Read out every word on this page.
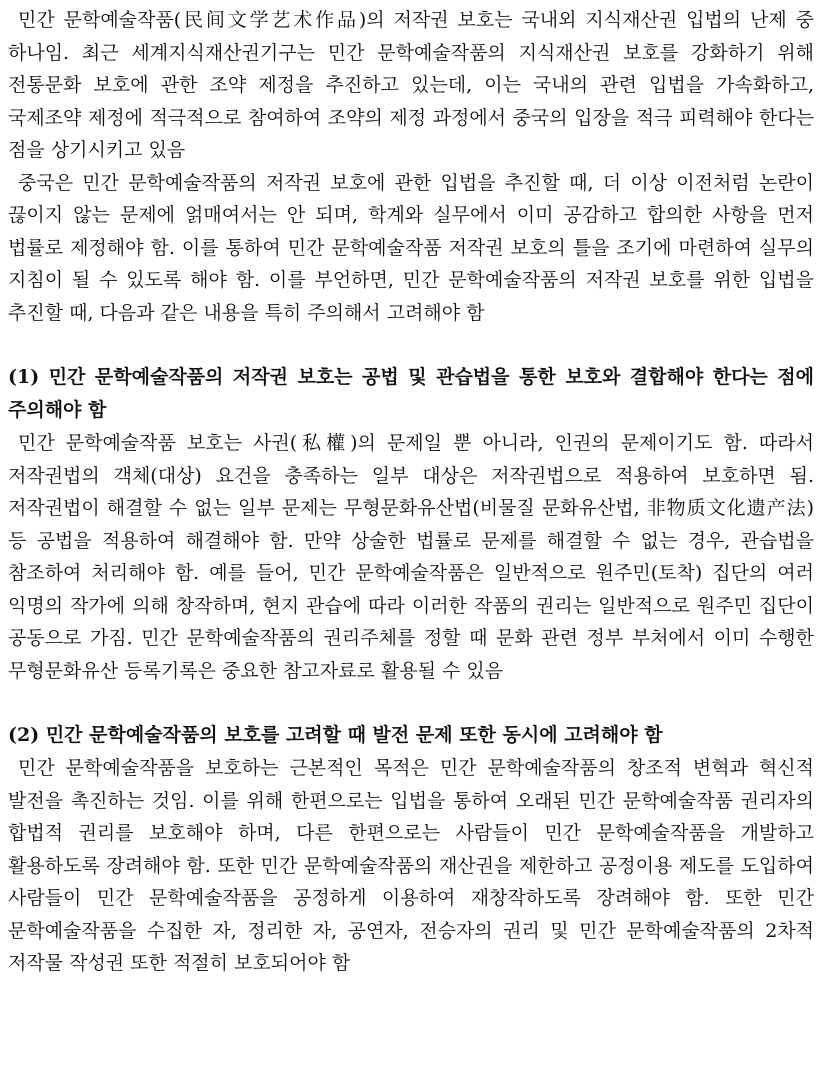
민간 문학예술작품(民间文学艺术作品)의 저작권 보호는 국내외 지식재산권 입법의 난제 중 하나임. 최근 세계지식재산권기구는 민간 문학예술작품의 지식재산권 보호를 강화하기 위해 전통문화 보호에 관한 조약 제정을 추진하고 있는데, 이는 국내의 관련 입법을 가속화하고, 국제조약 제정에 적극적으로 참여하여 조약의 제정 과정에서 중국의 입장을 적극 피력해야 한다는 점을 상기시키고 있음

중국은 민간 문학예술작품의 저작권 보호에 관한 입법을 추진할 때, 더 이상 이전처럼 논란이 끊이지 않는 문제에 얽매여서는 안 되며, 학계와 실무에서 이미 공감하고 합의한 사항을 먼저 법률로 제정해야 함. 이를 통하여 민간 문학예술작품 저작권 보호의 틀을 조기에 마련하여 실무의 지침이 될 수 있도록 해야 함. 이를 부언하면, 민간 문학예술작품의 저작권 보호를 위한 입법을 추진할 때, 다음과 같은 내용을 특히 주의해서 고려해야 함

(1) 민간 문학예술작품의 저작권 보호는 공법 및 관습법을 통한 보호와 결합해야 한다는 점에 주의해야 함

민간 문학예술작품 보호는 사권(私權)의 문제일 뿐 아니라, 인권의 문제이기도 함. 따라서 저작권법의 객체(대상) 요건을 충족하는 일부 대상은 저작권법으로 적용하여 보호하면 됨. 저작권법이 해결할 수 없는 일부 문제는 무형문화유산법(비물질 문화유산법, 非物质文化遗产法) 등 공법을 적용하여 해결해야 함. 만약 상술한 법률로 문제를 해결할 수 없는 경우, 관습법을 참조하여 처리해야 함. 예를 들어, 민간 문학예술작품은 일반적으로 원주민(토착) 집단의 여러 익명의 작가에 의해 창작하며, 현지 관습에 따라 이러한 작품의 권리는 일반적으로 원주민 집단이 공동으로 가짐. 민간 문학예술작품의 권리주체를 정할 때 문화 관련 정부 부처에서 이미 수행한 무형문화유산 등록기록은 중요한 참고자료로 활용될 수 있음

(2) 민간 문학예술작품의 보호를 고려할 때 발전 문제 또한 동시에 고려해야 함

민간 문학예술작품을 보호하는 근본적인 목적은 민간 문학예술작품의 창조적 변혁과 혁신적 발전을 촉진하는 것임. 이를 위해 한편으로는 입법을 통하여 오래된 민간 문학예술작품 권리자의 합법적 권리를 보호해야 하며, 다른 한편으로는 사람들이 민간 문학예술작품을 개발하고 활용하도록 장려해야 함. 또한 민간 문학예술작품의 재산권을 제한하고 공정이용 제도를 도입하여 사람들이 민간 문학예술작품을 공정하게 이용하여 재창작하도록 장려해야 함. 또한 민간 문학예술작품을 수집한 자, 정리한 자, 공연자, 전승자의 권리 및 민간 문학예술작품의 2차적 저작물 작성권 또한 적절히 보호되어야 함
